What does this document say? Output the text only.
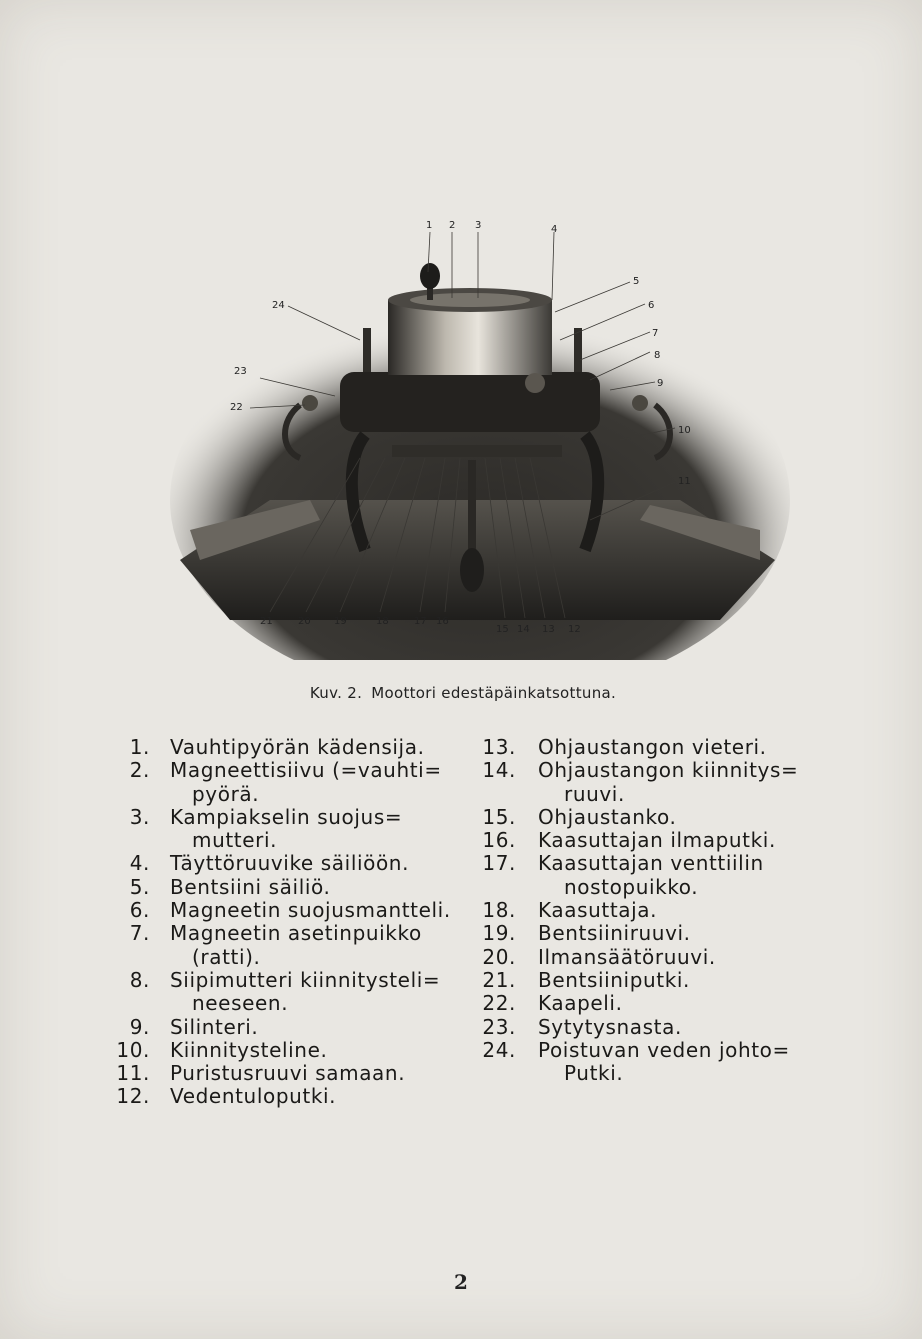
1 2 3	4
5
6
7
8
9
10
11
12
13
14
15
16
17
18
19
20
21
22
23
24
Kuv. 2. Moottori edestäpäinkatsottuna.
1. Vauhtipyörän kädensija.
2. Magneettisiivu (=vauhti=
pyörä.
3. Kampiakselin suojus=
mutteri.
4. Täyttöruuvike säiliöön.
5. Bentsiini säiliö.
6. Magneetin suojusmantteli.
7. Magneetin asetinpuikko
(ratti).
8. Siipimutteri kiinnitysteli=
neeseen.
9. Silinteri.
10. Kiinnitysteline.
11. Puristusruuvi samaan.
12. Vedentuloputki.
13. Ohjaustangon vieteri.
14. Ohjaustangon kiinnitys=
ruuvi.
15. Ohjaustanko.
16. Kaasuttajan ilmaputki.
17. Kaasuttajan venttiilin
nostopuikko.
18. Kaasuttaja.
19. Bentsiiniruuvi.
20. Ilmansäätöruuvi.
21. Bentsiiniputki.
22. Kaapeli.
23. Sytytysnasta.
24. Poistuvan veden johto=
Putki.
2
